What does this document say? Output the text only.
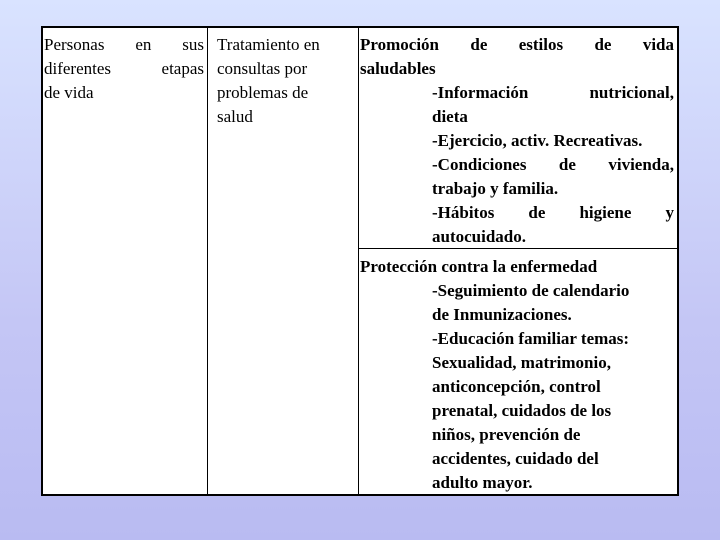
Personas en sus
diferentes etapas
de vida
Tratamiento en
consultas por
problemas de
salud
Promoción de estilos de vida
saludables
-Información nutricional,
dieta
-Ejercicio, activ. Recreativas.
-Condiciones de vivienda,
trabajo y familia.
-Hábitos de higiene y
autocuidado.
Protección contra la enfermedad
-Seguimiento de calendario
de Inmunizaciones.
-Educación familiar temas:
Sexualidad, matrimonio,
anticoncepción, control
prenatal, cuidados de los
niños, prevención de
accidentes, cuidado del
adulto mayor.
